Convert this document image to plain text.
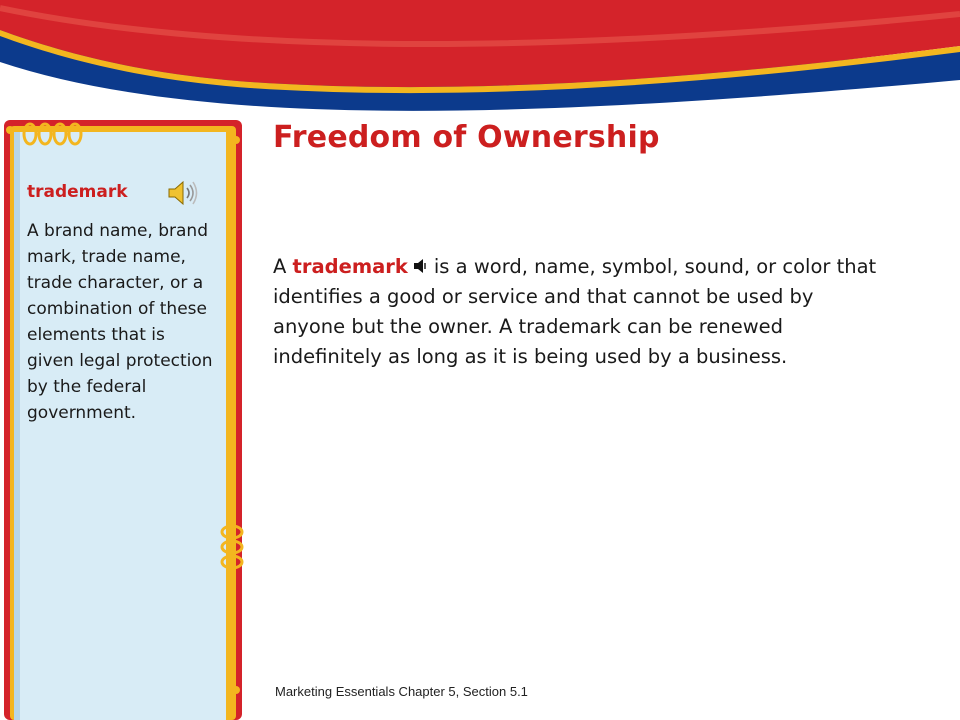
Freedom of Ownership
trademark
A brand name, brand mark, trade name, trade character, or a combination of these elements that is given legal protection by the federal government.
A trademark is a word, name, symbol, sound, or color that identifies a good or service and that cannot be used by anyone but the owner. A trademark can be renewed indefinitely as long as it is being used by a business.
Marketing Essentials Chapter 5, Section 5.1
